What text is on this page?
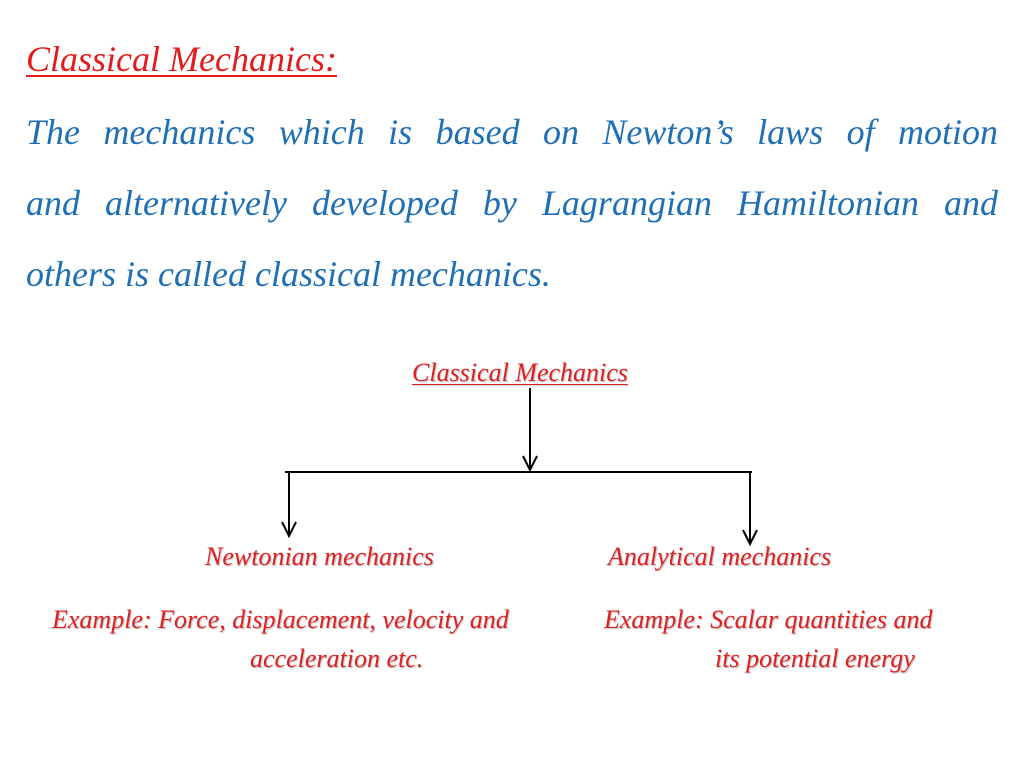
Classical Mechanics:
The mechanics which is based on Newton’s laws of motion
and alternatively developed by Lagrangian Hamiltonian and
others is called classical mechanics.
Classical Mechanics
Newtonian mechanics	Analytical mechanics
Example: Force, displacement, velocity and
acceleration etc.
Example: Scalar quantities and
its potential energy
